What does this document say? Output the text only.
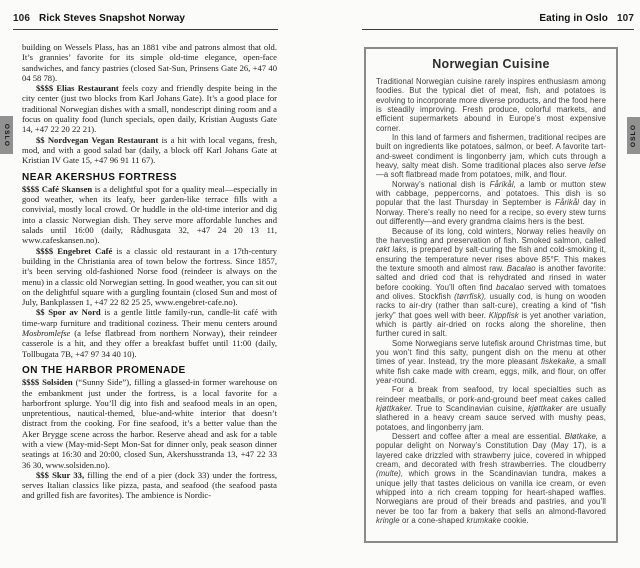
106 Rick Steves Snapshot Norway
building on Wessels Plass, has an 1881 vibe and patrons almost that old. It’s grannies’ favorite for its simple old-time elegance, open-face sandwiches, and fancy pastries (closed Sat-Sun, Prinsens Gate 26, +47 40 04 58 78).
$$$$ Elias Restaurant feels cozy and friendly despite being in the city center (just two blocks from Karl Johans Gate). It’s a good place for traditional Norwegian dishes with a small, nondescript dining room and a focus on quality food (lunch specials, open daily, Kristian Augusts Gate 14, +47 22 20 22 21).
$$ Nordvegan Vegan Restaurant is a hit with local vegans, fresh, mod, and with a good salad bar (daily, a block off Karl Johans Gate at Kristian IV Gate 15, +47 96 91 11 67).
NEAR AKERSHUS FORTRESS
$$$$ Café Skansen is a delightful spot for a quality meal—especially in good weather, when its leafy, beer garden-like terrace fills with a convivial, mostly local crowd. Or huddle in the old-time interior and dig into a classic Norwegian dish. They serve more affordable lunches and salads until 16:00 (daily, Rådhusgata 32, +47 24 20 13 11, www.cafeskansen.no).
$$$$ Engebret Café is a classic old restaurant in a 17th-century building in the Christiania area of town below the fortress. Since 1857, it’s been serving old-fashioned Norse food (reindeer is always on the menu) in a classic old Norwegian setting. In good weather, you can sit out on the delightful square with a gurgling fountain (closed Sun and most of July, Bankplassen 1, +47 22 82 25 25, www.engebret-cafe.no).
$$ Spor av Nord is a gentle little family-run, candle-lit café with time-warp furniture and traditional coziness. Their menu centers around Mosbromlefse (a lefse flatbread from northern Norway), their reindeer casserole is a hit, and they offer a breakfast buffet until 11:00 (daily, Tollbugata 7B, +47 97 34 40 10).
ON THE HARBOR PROMENADE
$$$$ Solsiden (“Sunny Side”), filling a glassed-in former warehouse on the embankment just under the fortress, is a local favorite for a harborfront splurge. You’ll dig into fish and seafood meals in an open, unpretentious, nautical-themed, blue-and-white interior that doesn’t distract from the cooking. For fine seafood, it’s a better value than the Aker Brygge scene across the harbor. Reserve ahead and ask for a table with a view (May-mid-Sept Mon-Sat for dinner only, peak season dinner seatings at 16:30 and 20:00, closed Sun, Akershusstranda 13, +47 22 33 36 30, www.solsiden.no).
$$$ Skur 33, filling the end of a pier (dock 33) under the fortress, serves Italian classics like pizza, pasta, and seafood (the seafood pasta and grilled fish are favorites). The ambience is Nordic-
OSLO
Eating in Oslo 107
Norwegian Cuisine
Traditional Norwegian cuisine rarely inspires enthusiasm among foodies. But the typical diet of meat, fish, and potatoes is evolving to incorporate more diverse products, and the food here is steadily improving. Fresh produce, colorful markets, and efficient supermarkets abound in Europe’s most expensive corner.
In this land of farmers and fishermen, traditional recipes are built on ingredients like potatoes, salmon, or beef. A favorite tart-and-sweet condiment is lingonberry jam, which cuts through a heavy, salty meat dish. Some traditional places also serve lefse—a soft flatbread made from potatoes, milk, and flour.
Norway’s national dish is Fårikål, a lamb or mutton stew with cabbage, peppercorns, and potatoes. This dish is so popular that the last Thursday in September is Fårikål day in Norway. There’s really no need for a recipe, so every stew turns out differently—and every grandma claims hers is the best.
Because of its long, cold winters, Norway relies heavily on the harvesting and preservation of fish. Smoked salmon, called røkt laks, is prepared by salt-curing the fish and cold-smoking it, ensuring the temperature never rises above 85°F. This makes the texture smooth and almost raw. Bacalao is another favorite: salted and dried cod that is rehydrated and rinsed in water before cooking. You’ll often find bacalao served with tomatoes and olives. Stockfish (tørrfisk), usually cod, is hung on wooden racks to air-dry (rather than salt-cure), creating a kind of “fish jerky” that goes well with beer. Klippfisk is yet another variation, which is partly air-dried on rocks along the shoreline, then further cured in salt.
Some Norwegians serve lutefisk around Christmas time, but you won’t find this salty, pungent dish on the menu at other times of year. Instead, try the more pleasant fiskekake, a small white fish cake made with cream, eggs, milk, and flour, on offer year-round.
For a break from seafood, try local specialties such as reindeer meatballs, or pork-and-ground beef meat cakes called kjøttkaker. True to Scandinavian cuisine, kjøttkaker are usually slathered in a heavy cream sauce served with mushy peas, potatoes, and lingonberry jam.
Dessert and coffee after a meal are essential. Bløtkake, a popular delight on Norway’s Constitution Day (May 17), is a layered cake drizzled with strawberry juice, covered in whipped cream, and decorated with fresh strawberries. The cloudberry (multe), which grows in the Scandinavian tundra, makes a unique jelly that tastes delicious on vanilla ice cream, or even whipped into a rich cream topping for heart-shaped waffles. Norwegians are proud of their breads and pastries, and you’ll never be too far from a bakery that sells an almond-flavored kringle or a cone-shaped krumkake cookie.
OSLO
